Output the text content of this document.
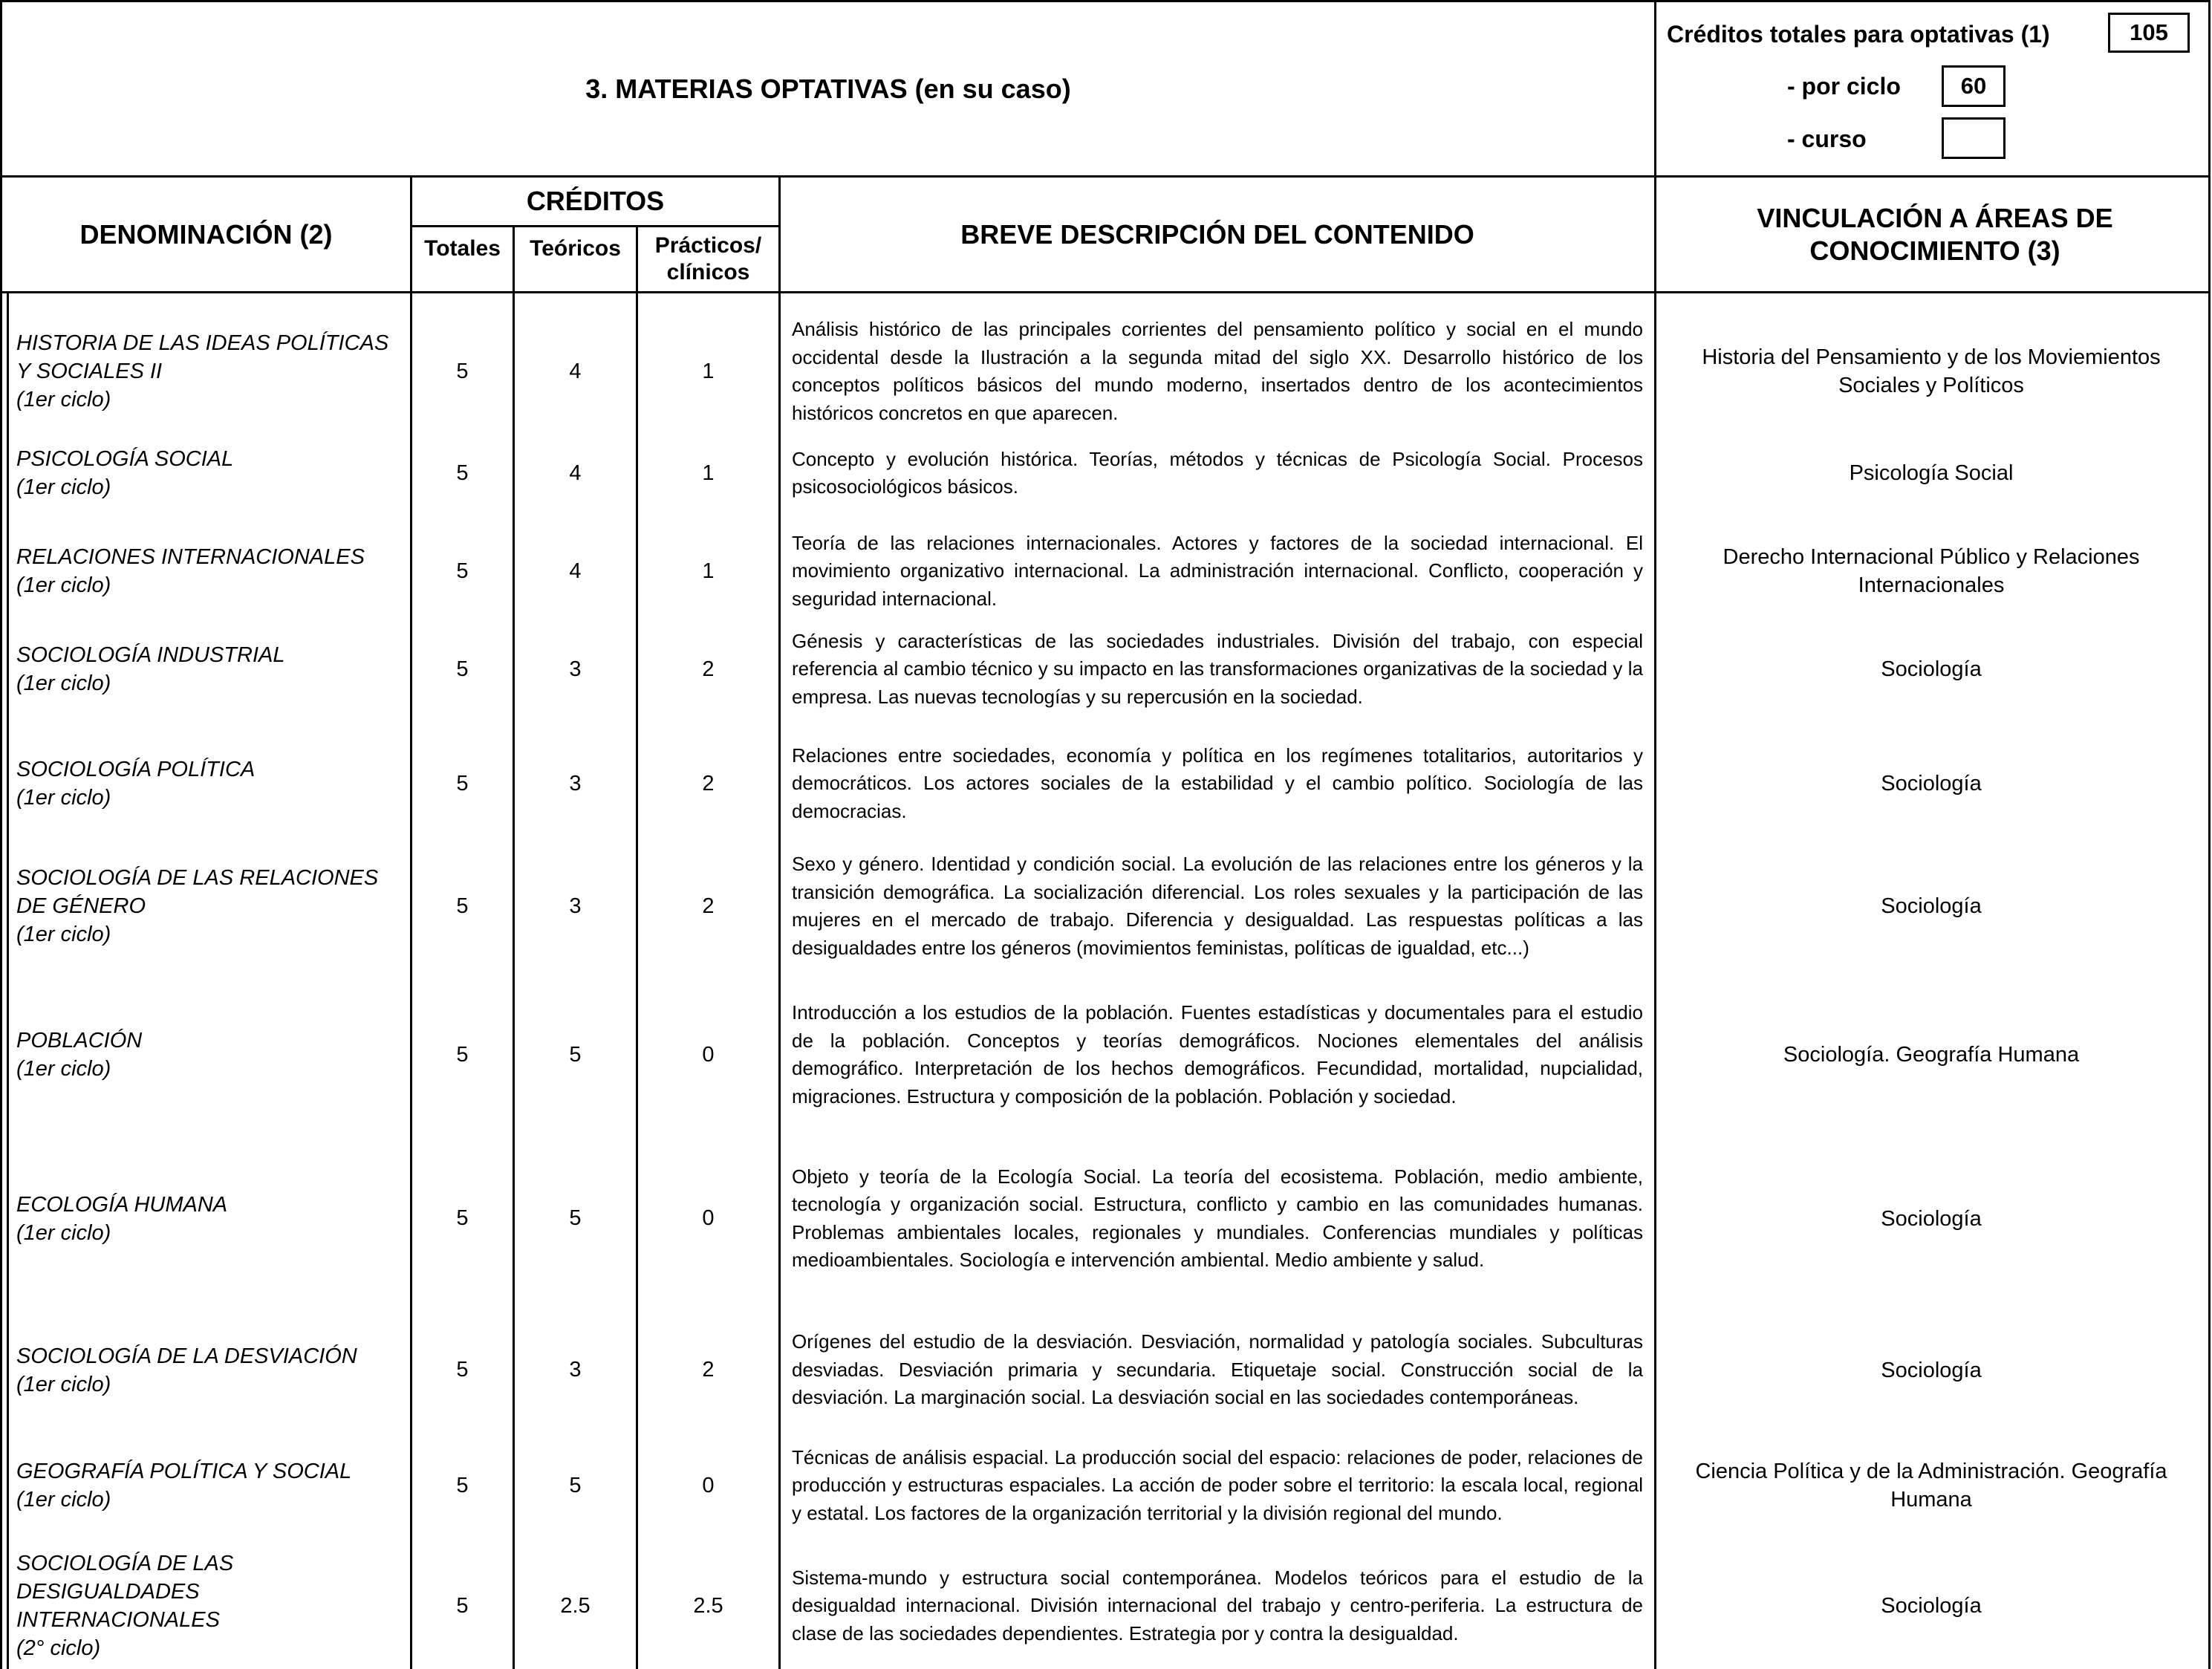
3. MATERIAS OPTATIVAS (en su caso)
Créditos totales para optativas (1)	105
- por ciclo	60
- curso
DENOMINACIÓN (2)
CRÉDITOS
Totales	Teóricos	Prácticos/ clínicos
BREVE DESCRIPCIÓN DEL CONTENIDO
VINCULACIÓN A ÁREAS DE CONOCIMIENTO (3)
HISTORIA DE LAS IDEAS POLÍTICAS Y SOCIALES II
(1er ciclo)
5	4	1
Análisis histórico de las principales corrientes del pensamiento político y social en el mundo occidental desde la Ilustración a la segunda mitad del siglo XX. Desarrollo histórico de los conceptos políticos básicos del mundo moderno, insertados dentro de los acontecimientos históricos concretos en que aparecen.
Historia del Pensamiento y de los Moviemientos Sociales y Políticos
PSICOLOGÍA SOCIAL
(1er ciclo)
5	4	1
Concepto y evolución histórica. Teorías, métodos y técnicas de Psicología Social. Procesos psicosociológicos básicos.
Psicología Social
RELACIONES INTERNACIONALES
(1er ciclo)
5	4	1
Teoría de las relaciones internacionales. Actores y factores de la sociedad internacional. El movimiento organizativo internacional. La administración internacional. Conflicto, cooperación y seguridad internacional.
Derecho Internacional Público y Relaciones Internacionales
SOCIOLOGÍA INDUSTRIAL
(1er ciclo)
5	3	2
Génesis y características de las sociedades industriales. División del trabajo, con especial referencia al cambio técnico y su impacto en las transformaciones organizativas de la sociedad y la empresa. Las nuevas tecnologías y su repercusión en la sociedad.
Sociología
SOCIOLOGÍA POLÍTICA
(1er ciclo)
5	3	2
Relaciones entre sociedades, economía y política en los regímenes totalitarios, autoritarios y democráticos. Los actores sociales de la estabilidad y el cambio político. Sociología de las democracias.
Sociología
SOCIOLOGÍA DE LAS RELACIONES DE GÉNERO
(1er ciclo)
5	3	2
Sexo y género. Identidad y condición social. La evolución de las relaciones entre los géneros y la transición demográfica. La socialización diferencial. Los roles sexuales y la participación de las mujeres en el mercado de trabajo. Diferencia y desigualdad. Las respuestas políticas a las desigualdades entre los géneros (movimientos feministas, políticas de igualdad, etc...)
Sociología
POBLACIÓN
(1er ciclo)
5	5	0
Introducción a los estudios de la población. Fuentes estadísticas y documentales para el estudio de la población. Conceptos y teorías demográficos. Nociones elementales del análisis demográfico. Interpretación de los hechos demográficos. Fecundidad, mortalidad, nupcialidad, migraciones. Estructura y composición de la población. Población y sociedad.
Sociología. Geografía Humana
ECOLOGÍA HUMANA
(1er ciclo)
5	5	0
Objeto y teoría de la Ecología Social. La teoría del ecosistema. Población, medio ambiente, tecnología y organización social. Estructura, conflicto y cambio en las comunidades humanas. Problemas ambientales locales, regionales y mundiales. Conferencias mundiales y políticas medioambientales. Sociología e intervención ambiental. Medio ambiente y salud.
Sociología
SOCIOLOGÍA DE LA DESVIACIÓN
(1er ciclo)
5	3	2
Orígenes del estudio de la desviación. Desviación, normalidad y patología sociales. Subculturas desviadas. Desviación primaria y secundaria. Etiquetaje social. Construcción social de la desviación. La marginación social. La desviación social en las sociedades contemporáneas.
Sociología
GEOGRAFÍA POLÍTICA Y SOCIAL
(1er ciclo)
5	5	0
Técnicas de análisis espacial. La producción social del espacio: relaciones de poder, relaciones de producción y estructuras espaciales. La acción de poder sobre el territorio: la escala local, regional y estatal. Los factores de la organización territorial y la división regional del mundo.
Ciencia Política y de la Administración. Geografía Humana
SOCIOLOGÍA DE LAS DESIGUALDADES INTERNACIONALES
(2° ciclo)
5	2.5	2.5
Sistema-mundo y estructura social contemporánea. Modelos teóricos para el estudio de la desigualdad internacional. División internacional del trabajo y centro-periferia. La estructura de clase de las sociedades dependientes. Estrategia por y contra la desigualdad.
Sociología
